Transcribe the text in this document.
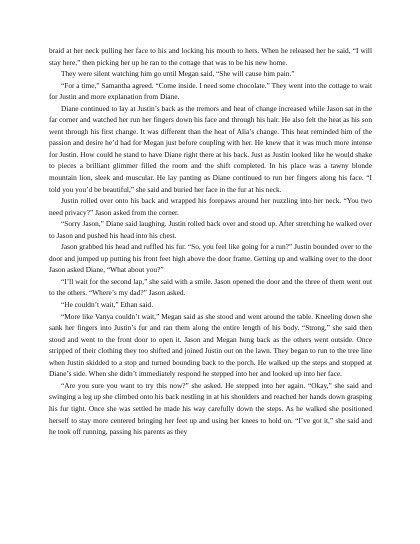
braid at her neck pulling her face to his and locking his mouth to hers. When he released her he said, “I will stay here,” then picking her up he ran to the cottage that was to be his new home.

They were silent watching him go until Megan said, “She will cause him pain.”

“For a time,” Samantha agreed. “Come inside. I need some chocolate.” They went into the cottage to wait for Justin and more explanation from Diane.

Diane continued to lay at Justin’s back as the tremors and heat of change increased while Jason sat in the far corner and watched her run her fingers down his face and through his hair. He also felt the heat as his son went through his first change. It was different than the heat of Alia’s change. This heat reminded him of the passion and desire he’d had for Megan just before coupling with her. He knew that it was much more intense for Justin. How could he stand to have Diane right there at his back. Just as Justin looked like he would shake to pieces a brilliant glimmer filled the room and the shift completed. In his place was a tawny blonde mountain lion, sleek and muscular. He lay panting as Diane continued to run her fingers along his face. “I told you you’d be beautiful,” she said and buried her face in the fur at his neck.

Justin rolled over onto his back and wrapped his forepaws around her nuzzling into her neck. “You two need privacy?” Jason asked from the corner.

“Sorry Jason,” Diane said laughing. Justin rolled back over and stood up. After stretching he walked over to Jason and pushed his head into his chest.

Jason grabbed his head and ruffled his fur. “So, you feel like going for a run?” Justin bounded over to the door and jumped up putting his front feet high above the door frame. Getting up and walking over to the door Jason asked Diane, “What about you?”

“I’ll wait for the second lap,” she said with a smile. Jason opened the door and the three of them went out to the others. “Where’s my dad?” Jason asked.

“He couldn’t wait,” Ethan said.

“More like Vanya couldn’t wait,” Megan said as she stood and went around the table. Kneeling down she sank her fingers into Justin’s fur and ran them along the entire length of his body. “Strong,” she said then stood and went to the front door to open it. Jason and Megan hung back as the others went outside. Once stripped of their clothing they too shifted and joined Justin out on the lawn. They began to run to the tree line when Justin skidded to a stop and turned bounding back to the porch. He walked up the steps and stopped at Diane’s side. When she didn’t immediately respond he stepped into her and looked up into her face.

“Are you sure you want to try this now?” she asked. He stepped into her again. “Okay,” she said and swinging a leg up she climbed onto his back nestling in at his shoulders and reached her hands down grasping his fur tight. Once she was settled he made his way carefully down the steps. As he walked she positioned herself to stay more centered bringing her feet up and using her knees to hold on. “I’ve got it,” she said and he took off running, passing his parents as they
